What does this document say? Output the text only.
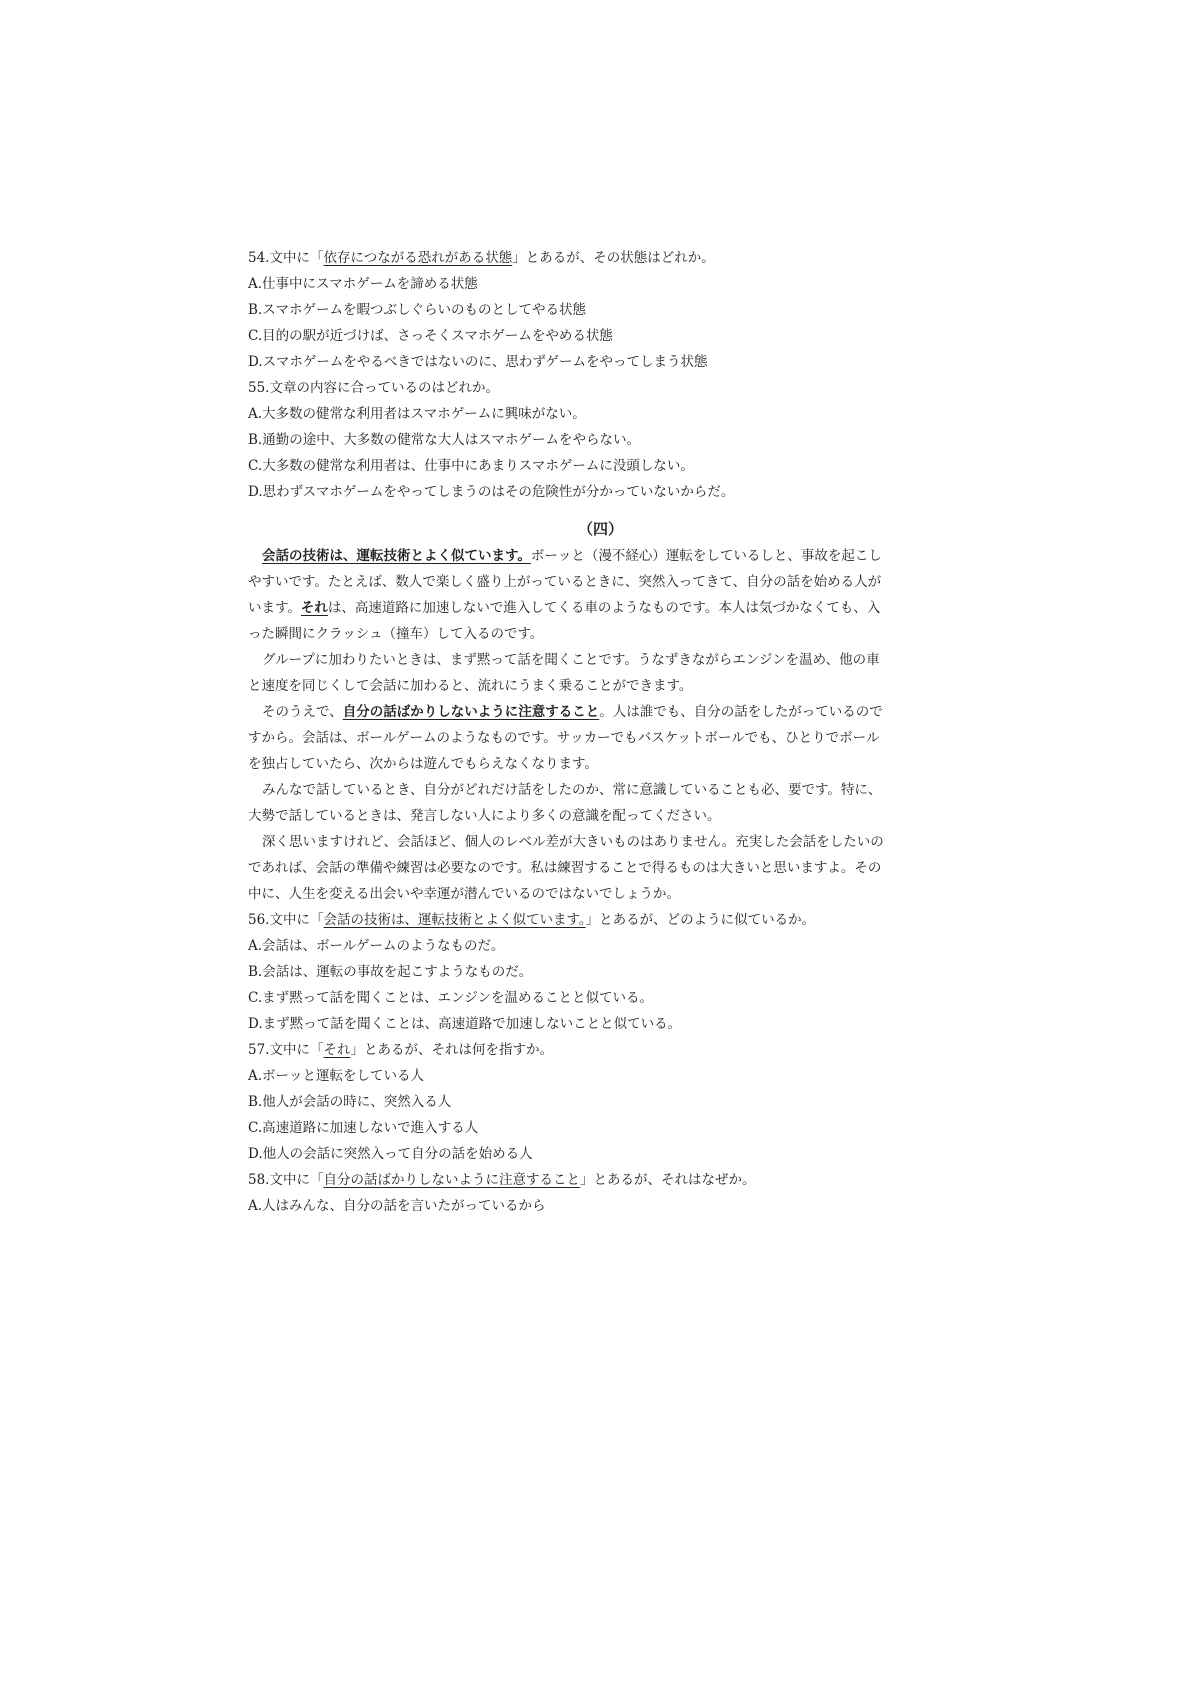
54.文中に「依存につながる恐れがある状態」とあるが、その状態はどれか。
A.仕事中にスマホゲームを諦める状態
B.スマホゲームを暇つぶしぐらいのものとしてやる状態
C.目的の駅が近づけば、さっそくスマホゲームをやめる状態
D.スマホゲームをやるべきではないのに、思わずゲームをやってしまう状態
55.文章の内容に合っているのはどれか。
A.大多数の健常な利用者はスマホゲームに興味がない。
B.通勤の途中、大多数の健常な大人はスマホゲームをやらない。
C.大多数の健常な利用者は、仕事中にあまりスマホゲームに没頭しない。
D.思わずスマホゲームをやってしまうのはその危険性が分かっていないからだ。
（四）
会話の技術は、運転技術とよく似ています。ボーッと（漫不経心）運転をしているしと、事故を起こし
やすいです。たとえば、数人で楽しく盛り上がっているときに、突然入ってきて、自分の話を始める人が
います。それは、高速道路に加速しないで進入してくる車のようなものです。本人は気づかなくても、入
った瞬間にクラッシュ（撞车）して入るのです。
グループに加わりたいときは、まず黙って話を聞くことです。うなずきながらエンジンを温め、他の車
と速度を同じくして会話に加わると、流れにうまく乗ることができます。
そのうえで、自分の話ばかりしないように注意すること。人は誰でも、自分の話をしたがっているので
すから。会話は、ボールゲームのようなものです。サッカーでもバスケットボールでも、ひとりでボール
を独占していたら、次からは遊んでもらえなくなります。
みんなで話しているとき、自分がどれだけ話をしたのか、常に意識していることも必、要です。特に、
大勢で話しているときは、発言しない人により多くの意識を配ってください。
深く思いますけれど、会話ほど、個人のレベル差が大きいものはありません。充実した会話をしたいの
であれば、会話の準備や練習は必要なのです。私は練習することで得るものは大きいと思いますよ。その
中に、人生を変える出会いや幸運が潜んでいるのではないでしょうか。
56.文中に「会話の技術は、運転技術とよく似ています。」とあるが、どのように似ているか。
A.会話は、ボールゲームのようなものだ。
B.会話は、運転の事故を起こすようなものだ。
C.まず黙って話を聞くことは、エンジンを温めることと似ている。
D.まず黙って話を聞くことは、高速道路で加速しないことと似ている。
57.文中に「それ」とあるが、それは何を指すか。
A.ボーッと運転をしている人
B.他人が会話の時に、突然入る人
C.高速道路に加速しないで進入する人
D.他人の会話に突然入って自分の話を始める人
58.文中に「自分の話ばかりしないように注意すること」とあるが、それはなぜか。
A.人はみんな、自分の話を言いたがっているから
